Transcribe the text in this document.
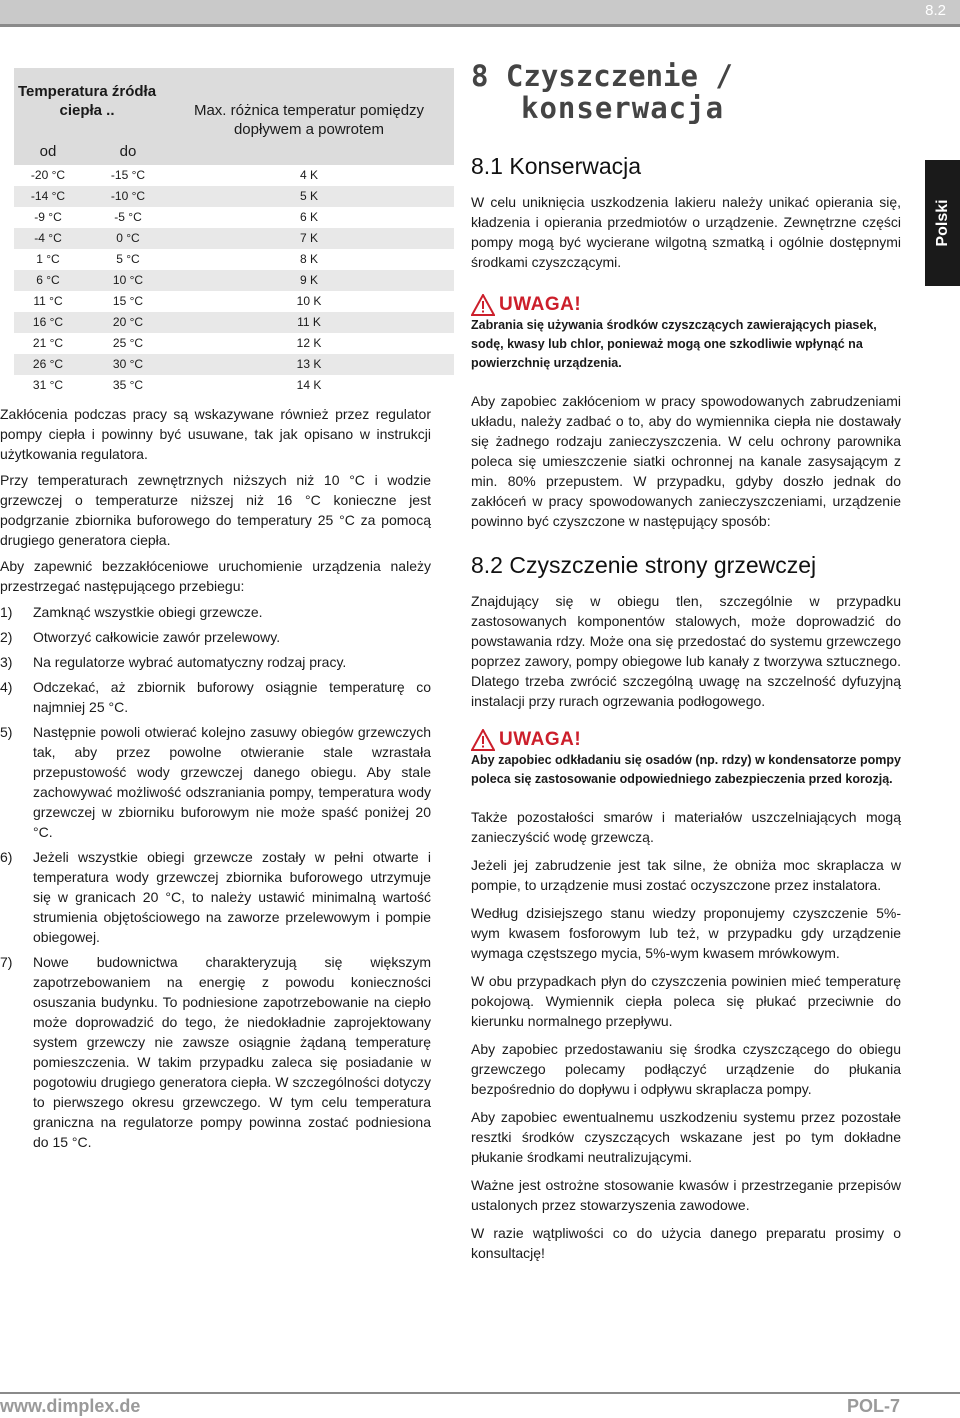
8.2
Temperatura źródła ciepła ..	Max. różnica temperatur pomiędzy dopływem a powrotem
od	do
-20 °C	-15 °C	4 K
-14 °C	-10 °C	5 K
-9 °C	-5 °C	6 K
-4 °C	0 °C	7 K
1 °C	5 °C	8 K
6 °C	10 °C	9 K
11 °C	15 °C	10 K
16 °C	20 °C	11 K
21 °C	25 °C	12 K
26 °C	30 °C	13 K
31 °C	35 °C	14 K

Zakłócenia podczas pracy są wskazywane również przez regulator pompy ciepła i powinny być usuwane, tak jak opisano w instrukcji użytkowania regulatora.

Przy temperaturach zewnętrznych niższych niż 10 °C i wodzie grzewczej o temperaturze niższej niż 16 °C konieczne jest podgrzanie zbiornika buforowego do temperatury 25 °C za pomocą drugiego generatora ciepła.

Aby zapewnić bezzakłóceniowe uruchomienie urządzenia należy przestrzegać następującego przebiegu:

1) Zamknąć wszystkie obiegi grzewcze.
2) Otworzyć całkowicie zawór przelewowy.
3) Na regulatorze wybrać automatyczny rodzaj pracy.
4) Odczekać, aż zbiornik buforowy osiągnie temperaturę co najmniej 25 °C.
5) Następnie powoli otwierać kolejno zasuwy obiegów grzewczych tak, aby przez powolne otwieranie stale wzrastała przepustowość wody grzewczej danego obiegu. Aby stale zachowywać możliwość odszraniania pompy, temperatura wody grzewczej w zbiorniku buforowym nie może spaść poniżej 20 °C.
6) Jeżeli wszystkie obiegi grzewcze zostały w pełni otwarte i temperatura wody grzewczej zbiornika buforowego utrzymuje się w granicach 20 °C, to należy ustawić minimalną wartość strumienia objętościowego na zaworze przelewowym i pompie obiegowej.
7) Nowe budownictwa charakteryzują się większym zapotrzebowaniem na energię z powodu konieczności osuszania budynku. To podniesione zapotrzebowanie na ciepło może doprowadzić do tego, że niedokładnie zaprojektowany system grzewczy nie zawsze osiągnie żądaną temperaturę pomieszczenia. W takim przypadku zaleca się posiadanie w pogotowiu drugiego generatora ciepła. W szczególności dotyczy to pierwszego okresu grzewczego. W tym celu temperatura graniczna na regulatorze pompy powinna zostać podniesiona do 15 °C.
8 Czyszczenie /
konserwacja
8.1 Konserwacja

W celu uniknięcia uszkodzenia lakieru należy unikać opierania się, kładzenia i opierania przedmiotów o urządzenie. Zewnętrzne części pompy mogą być wycierane wilgotną szmatką i ogólnie dostępnymi środkami czyszczącymi.

UWAGA!
Zabrania się używania środków czyszczących zawierających piasek, sodę, kwasy lub chlor, ponieważ mogą one szkodliwie wpłynąć na powierzchnię urządzenia.

Aby zapobiec zakłóceniom w pracy spowodowanych zabrudzeniami układu, należy zadbać o to, aby do wymiennika ciepła nie dostawały się żadnego rodzaju zanieczyszczenia. W celu ochrony parownika poleca się umieszczenie siatki ochronnej na kanale zasysającym z min. 80% przepustem. W przypadku, gdyby doszło jednak do zakłóceń w pracy spowodowanych zanieczyszczeniami, urządzenie powinno być czyszczone w następujący sposób:

8.2 Czyszczenie strony grzewczej

Znajdujący się w obiegu tlen, szczególnie w przypadku zastosowanych komponentów stalowych, może doprowadzić do powstawania rdzy. Może ona się przedostać do systemu grzewczego poprzez zawory, pompy obiegowe lub kanały z tworzywa sztucznego. Dlatego trzeba zwrócić szczególną uwagę na szczelność dyfuzyjną instalacji przy rurach ogrzewania podłogowego.

UWAGA!
Aby zapobiec odkładaniu się osadów (np. rdzy) w kondensatorze pompy poleca się zastosowanie odpowiedniego zabezpieczenia przed korozją.

Także pozostałości smarów i materiałów uszczelniających mogą zanieczyścić wodę grzewczą.

Jeżeli jej zabrudzenie jest tak silne, że obniża moc skraplacza w pompie, to urządzenie musi zostać oczyszczone przez instalatora.

Według dzisiejszego stanu wiedzy proponujemy czyszczenie 5%-wym kwasem fosforowym lub też, w przypadku gdy urządzenie wymaga częstszego mycia, 5%-wym kwasem mrówkowym.

W obu przypadkach płyn do czyszczenia powinien mieć temperaturę pokojową. Wymiennik ciepła poleca się płukać przeciwnie do kierunku normalnego przepływu.

Aby zapobiec przedostawaniu się środka czyszczącego do obiegu grzewczego polecamy podłączyć urządzenie do płukania bezpośrednio do dopływu i odpływu skraplacza pompy.

Aby zapobiec ewentualnemu uszkodzeniu systemu przez pozostałe resztki środków czyszczących wskazane jest po tym dokładne płukanie środkami neutralizującymi.

Ważne jest ostrożne stosowanie kwasów i przestrzeganie przepisów ustalonych przez stowarzyszenia zawodowe.

W razie wątpliwości co do użycia danego preparatu prosimy o konsultację!

Polski
www.dimplex.de	POL-7
